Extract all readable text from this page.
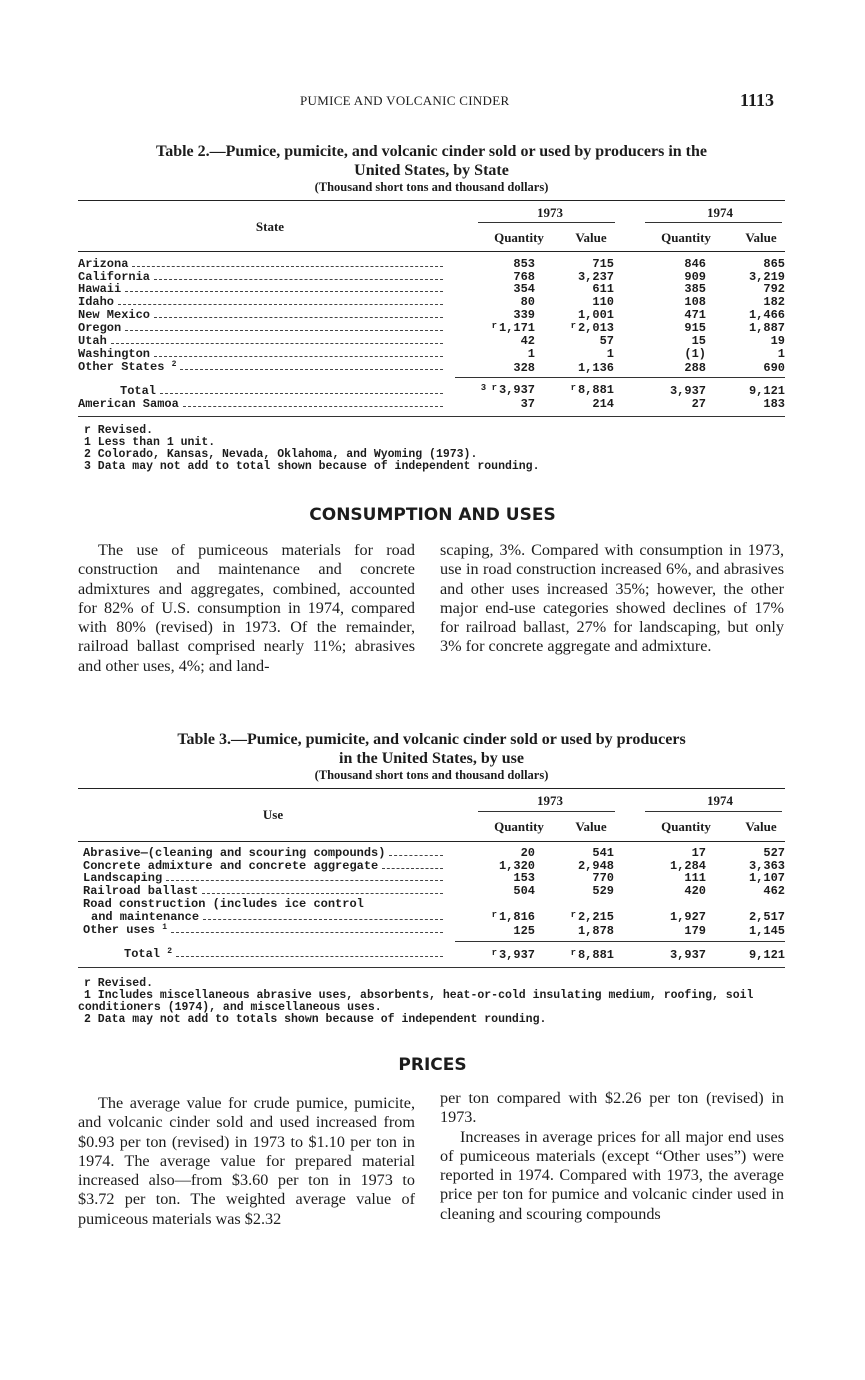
PUMICE AND VOLCANIC CINDER	1113
Table 2.—Pumice, pumicite, and volcanic cinder sold or used by producers in the
United States, by State
(Thousand short tons and thousand dollars)
State
1973	1974
Quantity	Value	Quantity	Value
Arizona	853	715	846	865

California	768	3,237	909	3,219

Hawaii	354	611	385	792

Idaho	80	110	108	182

New Mexico	339	1,001	471	1,466

Oregon	$^r$ 1,171	$^r$ 2,013	915	1,887

Utah	42	57	15	19

Washington	1	1	(1)	1

Other States $^2$	328	1,136	288	690
Total	$^{3 r}$ 3,937	$^r$ 8,881	3,937	9,121

American Samoa	37	214	27	183
r Revised.
1 Less than 1 unit.
2 Colorado, Kansas, Nevada, Oklahoma, and Wyoming (1973).
3 Data may not add to total shown because of independent rounding.
CONSUMPTION AND USES

The use of pumiceous materials for road construction and maintenance and concrete admixtures and aggregates, combined, accounted for 82% of U.S. consumption in 1974, compared with 80% (revised) in 1973. Of the remainder, railroad ballast comprised nearly 11%; abrasives and other uses, 4%; and land-

scaping, 3%. Compared with consumption in 1973, use in road construction increased 6%, and abrasives and other uses increased 35%; however, the other major end-use categories showed declines of 17% for railroad ballast, 27% for landscaping, but only 3% for concrete aggregate and admixture.

Table 3.—Pumice, pumicite, and volcanic cinder sold or used by producers
in the United States, by use
(Thousand short tons and thousand dollars)
Use
1973	1974
Quantity	Value	Quantity	Value
Abrasive—(cleaning and scouring compounds)	20	541	17	527

Concrete admixture and concrete aggregate	1,320	2,948	1,284	3,363

Landscaping	153	770	111	1,107

Railroad ballast	504	529	420	462

Road construction (includes ice control				

and maintenance	$^r$ 1,816	$^r$ 2,215	1,927	2,517

Other uses $^1$	125	1,878	179	1,145
Total $^2$	$^r$ 3,937	$^r$ 8,881	3,937	9,121
r Revised.
1 Includes miscellaneous abrasive uses, absorbents, heat-or-cold insulating medium, roofing, soil
conditioners (1974), and miscellaneous uses.
2 Data may not add to totals shown because of independent rounding.
PRICES

The average value for crude pumice, pumicite, and volcanic cinder sold and used increased from $0.93 per ton (revised) in 1973 to $1.10 per ton in 1974. The average value for prepared material increased also—from $3.60 per ton in 1973 to $3.72 per ton. The weighted average value of pumiceous materials was $2.32

per ton compared with $2.26 per ton (revised) in 1973.

Increases in average prices for all major end uses of pumiceous materials (except “Other uses”) were reported in 1974. Compared with 1973, the average price per ton for pumice and volcanic cinder used in cleaning and scouring compounds
